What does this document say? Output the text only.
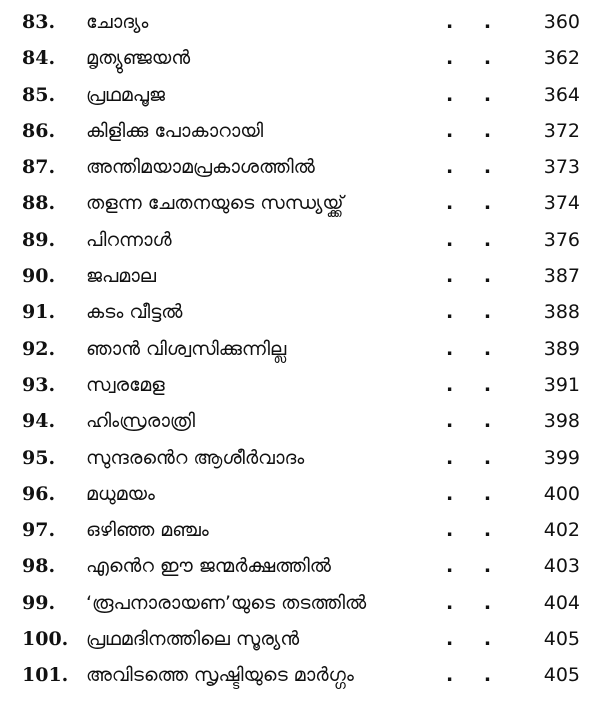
83.	ചോദ്യം	. .	360
84.	മൃത്യുഞ്ജയൻ	. .	362
85.	പ്രഥമപൂജ	. .	364
86.	കിളിക്കു പോകാറായി	. .	372
87.	അന്തിമയാമപ്രകാശത്തിൽ	. .	373
88.	തളന്ന ചേതനയുടെ സന്ധ്യയ്ക്ക്	. .	374
89.	പിറന്നാൾ	. .	376
90.	ജപമാല	. .	387
91.	കടം വീട്ടൽ	. .	388
92.	ഞാൻ വിശ്വസിക്കുന്നില്ല	. .	389
93.	സ്വരമേള	. .	391
94.	ഹിംസ്രരാത്രി	. .	398
95.	സുന്ദരൻെറ ആശീർവാദം	. .	399
96.	മധുമയം	. .	400
97.	ഒഴിഞ്ഞ മഞ്ചം	. .	402
98.	എൻെറ ഈ ജന്മർക്ഷത്തിൽ	. .	403
99.	‘രൂപനാരായണ’യുടെ തടത്തിൽ	. .	404
100. പ്രഥമദിനത്തിലെ സൂര്യൻ	. .	405
101. അവിടത്തെ സൃഷ്ടിയുടെ മാർഗ്ഗം	. .	405
